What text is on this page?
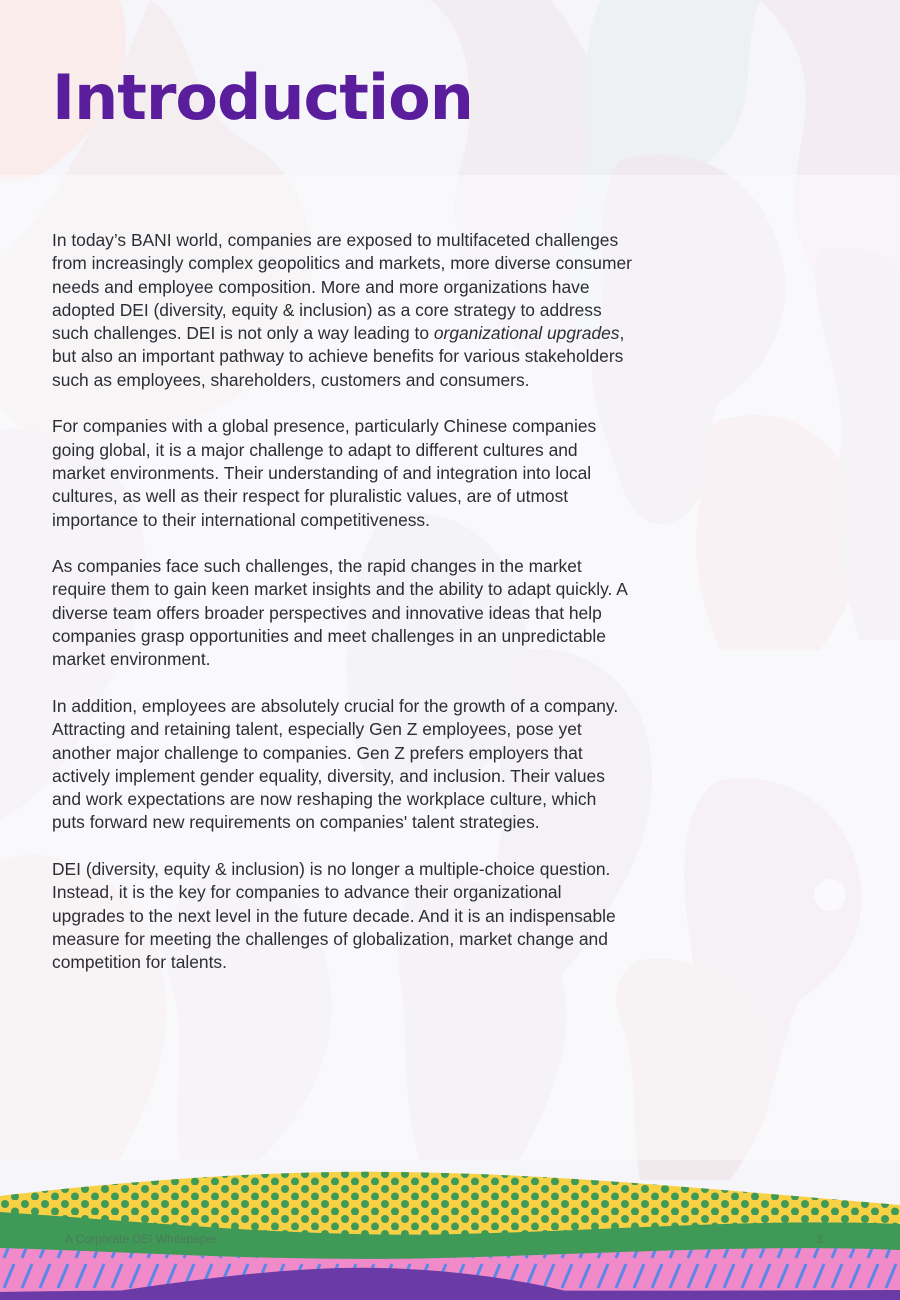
Introduction

In today’s BANI world, companies are exposed to multifaceted challenges from increasingly complex geopolitics and markets, more diverse consumer needs and employee composition. More and more organizations have adopted DEI (diversity, equity & inclusion) as a core strategy to address such challenges. DEI is not only a way leading to organizational upgrades, but also an important pathway to achieve benefits for various stakeholders such as employees, shareholders, customers and consumers.

For companies with a global presence, particularly Chinese companies going global, it is a major challenge to adapt to different cultures and market environments. Their understanding of and integration into local cultures, as well as their respect for pluralistic values, are of utmost importance to their international competitiveness.

As companies face such challenges, the rapid changes in the market require them to gain keen market insights and the ability to adapt quickly. A diverse team offers broader perspectives and innovative ideas that help companies grasp opportunities and meet challenges in an unpredictable market environment.

In addition, employees are absolutely crucial for the growth of a company. Attracting and retaining talent, especially Gen Z employees, pose yet another major challenge to companies. Gen Z prefers employers that actively implement gender equality, diversity, and inclusion. Their values and work expectations are now reshaping the workplace culture, which puts forward new requirements on companies' talent strategies.

DEI (diversity, equity & inclusion) is no longer a multiple-choice question. Instead, it is the key for companies to advance their organizational upgrades to the next level in the future decade. And it is an indispensable measure for meeting the challenges of globalization, market change and competition for talents.

A Corporate DEI Whitepaper	3
